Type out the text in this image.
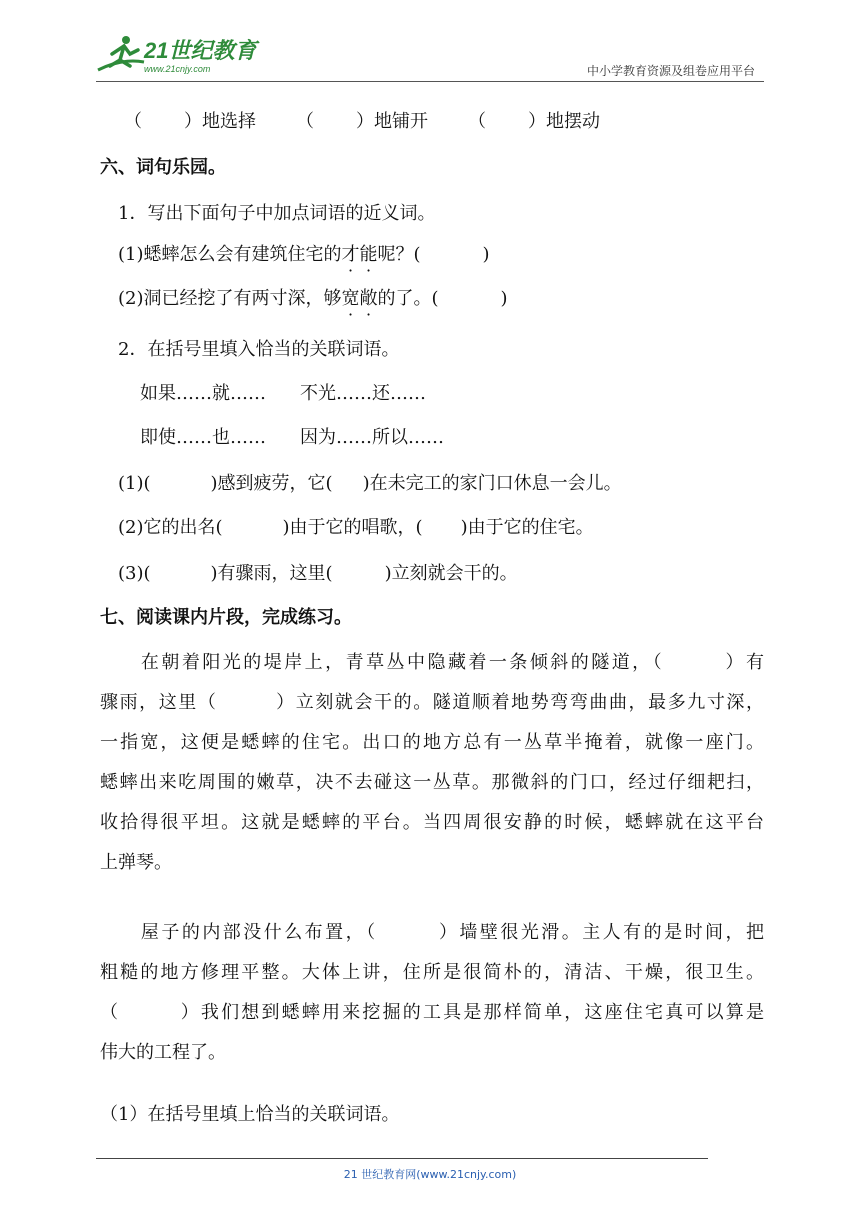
21世纪教育
www.21cnjy.com	中小学教育资源及组卷应用平台
（ ）地选择 （ ）地铺开 （ ）地摆动
六、词句乐园。
1．写出下面句子中加点词语的近义词。
(1)蟋蟀怎么会有建筑住宅的才能呢？(	)
(2)洞已经挖了有两寸深，够宽敞的了。(	)
2．在括号里填入恰当的关联词语。
如果……就…… 不光……还……
即使……也…… 因为……所以……
(1)(	)感到疲劳，它( )在未完工的家门口休息一会儿。
(2)它的出名(	)由于它的唱歌，( )由于它的住宅。
(3)(	)有骤雨，这里(	)立刻就会干的。
七、阅读课内片段，完成练习。
　　在朝着阳光的堤岸上，青草丛中隐藏着一条倾斜的隧道，（　　　）有
骤雨，这里（　　　）立刻就会干的。隧道顺着地势弯弯曲曲，最多九寸深，
一指宽，这便是蟋蟀的住宅。出口的地方总有一丛草半掩着，就像一座门。
蟋蟀出来吃周围的嫩草，决不去碰这一丛草。那微斜的门口，经过仔细耙扫，
收拾得很平坦。这就是蟋蟀的平台。当四周很安静的时候，蟋蟀就在这平台
上弹琴。
　　屋子的内部没什么布置，（　　　）墙壁很光滑。主人有的是时间，把
粗糙的地方修理平整。大体上讲，住所是很简朴的，清洁、干燥，很卫生。
（　　　）我们想到蟋蟀用来挖掘的工具是那样简单，这座住宅真可以算是
伟大的工程了。
（1）在括号里填上恰当的关联词语。
21 世纪教育网(www.21cnjy.com)
